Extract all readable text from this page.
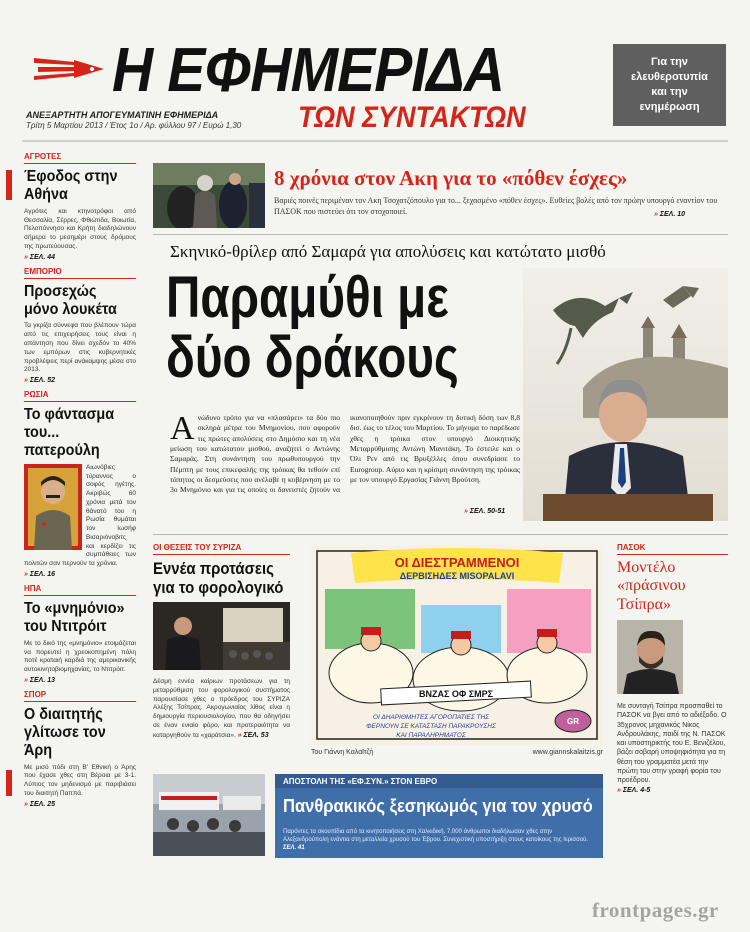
Η ΕΦΗΜΕΡΙΔΑ
ΤΩΝ ΣΥΝΤΑΚΤΩΝ
ΑΝΕΞΑΡΤΗΤΗ ΑΠΟΓΕΥΜΑΤΙΝΗ ΕΦΗΜΕΡΙΔΑ
Τρίτη 5 Μαρτίου 2013 / Έτος 1ο / Αρ. φύλλου 97 / Ευρώ 1,30
Για την
ελευθεροτυπία
και την
ενημέρωση
ΑΓΡΟΤΕΣ
Έφοδος στην Αθήνα
Αγρότες και κτηνοτρόφοι από Θεσσαλία, Σέρρες, Φθιώτιδα, Βοιωτία, Πελοπόννησο και Κρήτη διαδηλώνουν σήμερα το μεσημέρι στους δρόμους της πρωτεύουσας.
» ΣΕΛ. 44
ΕΜΠΟΡΙΟ
Προσεχώς μόνο λουκέτα
Τα γκρίζα σύννεφα που βλέπουν τώρα από τις επιχειρήσεις τους είναι η απάντηση που δίνει σχεδόν το 40% των εμπόρων στις κυβερνητικές προβλέψεις περί ανάκαμψης μέσα στο 2013.
» ΣΕΛ. 52
ΡΩΣΙΑ
Το φάντασμα του... πατερούλη
Αιωνόβιες τύραννος ο σοφός ηγέτης. Ακριβώς 60 χρόνια μετά τον θάνατό του η Ρωσία θυμάται τον Ιωσήφ Βισαριόνοβιτς και κερδίζει τις συμπάθειες των πολιτών σαν περνούν τα χρόνια.
» ΣΕΛ. 16
ΗΠΑ
Το «μνημόνιο» του Ντιτρόιτ
Με το δικό της «μνημόνιο» ετοιμάζεται να πορευτεί η χρεοκοπημένη πόλη ποτέ κραταιή καρδιά της αμερικανικής αυτοκινητοβιομηχανίας, το Ντιτρόιτ.
» ΣΕΛ. 13
ΣΠΟΡ
Ο διαιτητής γλίτωσε τον Άρη
Με μισό πόδι στη Β' Εθνική ο Άρης που έχασε χθες στη Βέροια με 3-1. Λύπιος τον μηδενισμό με παριβιάσει του διαιτητή Παππά.
» ΣΕΛ. 25
8 χρόνια στον Ακη για το «πόθεν έσχες»
Βαριές ποινές περιμέναν τον Ακη Τσοχατζόπουλο για το... ξεχασμένο «πόθεν έσχες». Ευθείες βολές από τον πρώην υπουργό εναντίον του ΠΑΣΟΚ που πιστεύει ότι τον στοχοποιεί.	» ΣΕΛ. 10
Σκηνικό-θρίλερ από Σαμαρά για απολύσεις και κατώτατο μισθό
Παραμύθι με δύο δράκους
Aνώδυνο τρόπο για να «πλασάρει» τα δύο πιο σκληρά μέτρα του Μνημονίου, που αφορούν τις πρώτες απολύσεις στο Δημόσιο και τη νέα μείωση του κατώτατου μισθού, αναζητεί ο Αντώνης Σαμαράς. Στη συνάντηση του πρωθυπουργού την Πέμπτη με τους επικεφαλής της τρόικας θα τεθούν επί τάπητος οι δεσμεύσεις που ανέλαβε η κυβέρνηση με το 3ο Μνημόνιο και για τις οποίες οι δανειστές ζητούν να ικανοποιηθούν πριν εγκρίνουν τη δυτική δόση των 8,8 δισ. έως το τέλος του Μαρτίου. Το μήνυμα το παρέδωσε χθες η τρόικα στον υπουργό Διοικητικής Μεταρρύθμισης Αντώνη Μανιτάκη. Το έστειλε και ο Όλι Ρεν από τις Βρυξέλλες όπου συνεδρίασε το Eurogroup. Αύριο και η κρίσιμη συνάντηση της τρόικας με τον υπουργό Εργασίας Γιάννη Βρούτση.
» ΣΕΛ. 50-51
ΟΙ ΘΕΣΕΙΣ ΤΟΥ ΣΥΡΙΖΑ
Εννέα προτάσεις για το φορολογικό
Δέσμη εννέα καίριων προτάσεων για τη μεταρρύθμιση του φορολογικού συστήματος παρουσίασε χθες ο πρόεδρος του ΣΥΡΙΖΑ Αλέξης Τσίπρας. Ακρογωνιαίος λίθος είναι η δημιουργία περιουσιολογίου, που θα οδηγήσει σε έναν ενιαίο φόρο, και προτεραιότητα να καταργηθούν τα «χαράτσια». » ΣΕΛ. 53
ΟΙ ΔΙΕΣΤΡΑΜΜΕΝΟΙ
ΔΕΡΒΙΣΗΔΕΣ MISOPALAVI
ΒΝΖΑΣ ΟΦ ΣΜΡΣ
GR
ΟΙ ΔΗΑΡΙΘΜΗΤΕΣ ΑΓΟΡΟΠΑΤΙΕΣ ΤΗΣ
ΦΕΡΝΟΥΝ ΣΕ ΚΑΤΑΣΤΑΣΗ ΠΑΡΑΚΡΟΥΣΗΣ
ΚΑΙ ΠΑΡΑΛΗΡΗΜΑΤΟΣ
Του Γιάννη Καλαϊτζή	www.giannskalaitzis.gr
ΠΑΣΟΚ
Μοντέλο «πράσινου Τσίπρα»
Με συνταγή Τσίπρα προσπαθεί το ΠΑΣΟΚ να βγει από το αδιέξοδο. Ο 35χρονος μηχανικός Νίκος Ανδρουλάκης, παιδί της Ν. ΠΑΣΟΚ και υποστηρικτής του Ε. Βενιζέλου, βάζει σοβαρή υποψηφιότητα για τη θέση του γραμματέα μετά την πρώτη του στην γραφή φορία του προέδρου.
» ΣΕΛ. 4-5
ΑΠΟΣΤΟΛΗ ΤΗΣ «ΕΦ.ΣΥΝ.» ΣΤΟΝ ΕΒΡΟ
Πανθρακικός ξεσηκωμός για τον χρυσό
Παρόντες τα σκουπίδια από τα κινητοποιήσεις στη Χαλκιδική. 7.000 άνθρωποι διαδήλωσαν χθες στην Αλεξανδρούπολη ενάντια στη μεταλλεία χρυσού του Έβρου. Συνεχιστική υποστήριξη στους κατοίκους της Ιερισσού. ΣΕΛ. 41
frontpages.gr
